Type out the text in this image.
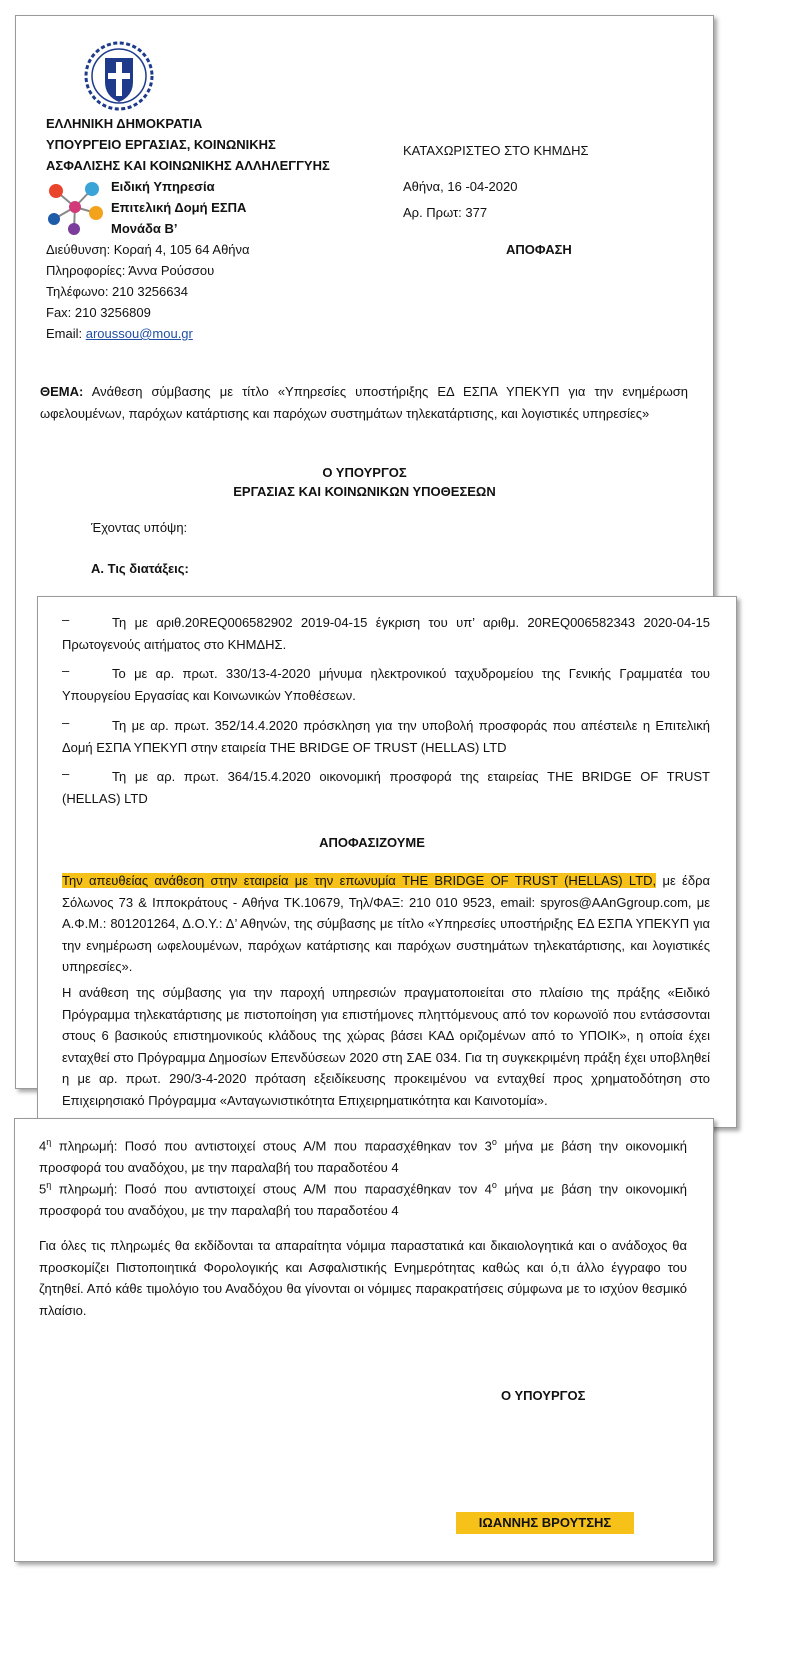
ΕΛΛΗΝΙΚΗ ΔΗΜΟΚΡΑΤΙΑ
ΥΠΟΥΡΓΕΙΟ ΕΡΓΑΣΙΑΣ, ΚΟΙΝΩΝΙΚΗΣ
ΑΣΦΑΛΙΣΗΣ ΚΑΙ ΚΟΙΝΩΝΙΚΗΣ ΑΛΛΗΛΕΓΓΥΗΣ
Ειδική Υπηρεσία
Επιτελική Δομή ΕΣΠΑ
Μονάδα Β’
Διεύθυνση: Κοραή 4, 105 64 Αθήνα
Πληροφορίες: Άννα Ρούσσου
Τηλέφωνο: 210 3256634
Fax: 210 3256809
Email: aroussou@mou.gr
ΚΑΤΑΧΩΡΙΣΤΕΟ ΣΤΟ ΚΗΜΔΗΣ
Αθήνα, 16 -04-2020
Αρ. Πρωτ: 377
ΑΠΟΦΑΣΗ
ΘΕΜΑ: Ανάθεση σύμβασης με τίτλο «Υπηρεσίες υποστήριξης ΕΔ ΕΣΠΑ ΥΠΕΚΥΠ για την ενημέρωση ωφελουμένων, παρόχων κατάρτισης και παρόχων συστημάτων τηλεκατάρτισης, και λογιστικές υπηρεσίες»
Ο ΥΠΟΥΡΓΟΣ
ΕΡΓΑΣΙΑΣ ΚΑΙ ΚΟΙΝΩΝΙΚΩΝ ΥΠΟΘΕΣΕΩΝ
Έχοντας υπόψη:
Α. Τις διατάξεις:
–	Τη με αριθ.20REQ006582902 2019-04-15 έγκριση του υπ’ αριθμ. 20REQ006582343 2020-04-15 Πρωτογενούς αιτήματος στο ΚΗΜΔΗΣ.
–	Το με αρ. πρωτ. 330/13-4-2020 μήνυμα ηλεκτρονικού ταχυδρομείου της Γενικής Γραμματέα του Υπουργείου Εργασίας και Κοινωνικών Υποθέσεων.
–	Τη με αρ. πρωτ. 352/14.4.2020 πρόσκληση για την υποβολή προσφοράς που απέστειλε η Επιτελική Δομή ΕΣΠΑ ΥΠΕΚΥΠ στην εταιρεία THE BRIDGE OF TRUST (HELLAS) LTD
–	Τη με αρ. πρωτ. 364/15.4.2020 οικονομική προσφορά της εταιρείας THE BRIDGE OF TRUST (HELLAS) LTD
ΑΠΟΦΑΣΙΖΟΥΜΕ
Την απευθείας ανάθεση στην εταιρεία με την επωνυμία THE BRIDGE OF TRUST (HELLAS) LTD, με έδρα Σόλωνος 73 & Ιπποκράτους - Αθήνα ΤΚ.10679, Τηλ/ΦΑΞ: 210 010 9523, email: spyros@AAnGgroup.com, με Α.Φ.Μ.: 801201264, Δ.Ο.Υ.: Δ’ Αθηνών, της σύμβασης με τίτλο «Υπηρεσίες υποστήριξης ΕΔ ΕΣΠΑ ΥΠΕΚΥΠ για την ενημέρωση ωφελουμένων, παρόχων κατάρτισης και παρόχων συστημάτων τηλεκατάρτισης, και λογιστικές υπηρεσίες».
Η ανάθεση της σύμβασης για την παροχή υπηρεσιών πραγματοποιείται στο πλαίσιο της πράξης «Ειδικό Πρόγραμμα τηλεκατάρτισης με πιστοποίηση για επιστήμονες πληττόμενους από τον κορωνοϊό που εντάσσονται στους 6 βασικούς επιστημονικούς κλάδους της χώρας βάσει ΚΑΔ οριζομένων από το ΥΠΟΙΚ», η οποία έχει ενταχθεί στο Πρόγραμμα Δημοσίων Επενδύσεων 2020 στη ΣΑΕ 034. Για τη συγκεκριμένη πράξη έχει υποβληθεί η με αρ. πρωτ. 290/3-4-2020 πρόταση εξειδίκευσης προκειμένου να ενταχθεί προς χρηματοδότηση στο Επιχειρησιακό Πρόγραμμα «Ανταγωνιστικότητα Επιχειρηματικότητα και Καινοτομία».
$4^\eta$ πληρωμή: Ποσό που αντιστοιχεί στους Α/Μ που παρασχέθηκαν τον $3^o$ μήνα με βάση την οικονομική προσφορά του αναδόχου, με την παραλαβή του παραδοτέου 4
$5^\eta$ πληρωμή: Ποσό που αντιστοιχεί στους Α/Μ που παρασχέθηκαν τον $4^o$ μήνα με βάση την οικονομική προσφορά του αναδόχου, με την παραλαβή του παραδοτέου 4
Για όλες τις πληρωμές θα εκδίδονται τα απαραίτητα νόμιμα παραστατικά και δικαιολογητικά και ο ανάδοχος θα προσκομίζει Πιστοποιητικά Φορολογικής και Ασφαλιστικής Ενημερότητας καθώς και ό,τι άλλο έγγραφο του ζητηθεί. Από κάθε τιμολόγιο του Αναδόχου θα γίνονται οι νόμιμες παρακρατήσεις σύμφωνα με το ισχύον θεσμικό πλαίσιο.
Ο ΥΠΟΥΡΓΟΣ
ΙΩΑΝΝΗΣ ΒΡΟΥΤΣΗΣ
